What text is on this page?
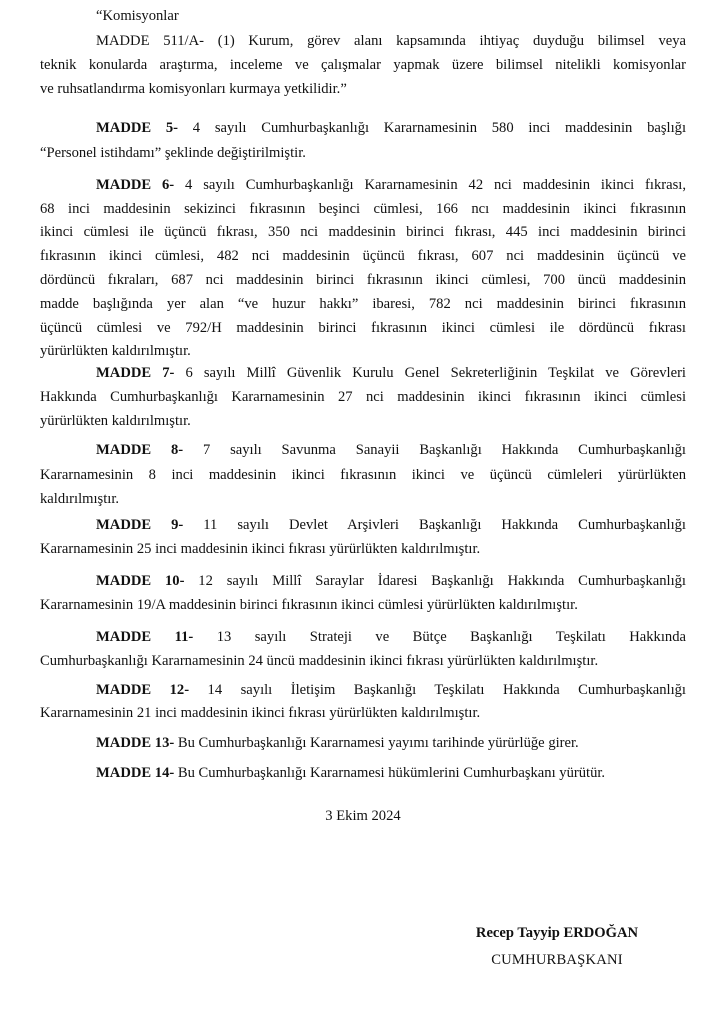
“Komisyonlar
MADDE 511/A- (1) Kurum, görev alanı kapsamında ihtiyaç duyduğu bilimsel veya
teknik konularda araştırma, inceleme ve çalışmalar yapmak üzere bilimsel nitelikli komisyonlar
ve ruhsatlandırma komisyonları kurmaya yetkilidir.”
MADDE 5- 4 sayılı Cumhurbaşkanlığı Kararnamesinin 580 inci maddesinin başlığı
“Personel istihdamı” şeklinde değiştirilmiştir.
MADDE 6- 4 sayılı Cumhurbaşkanlığı Kararnamesinin 42 nci maddesinin ikinci fıkrası,
68 inci maddesinin sekizinci fıkrasının beşinci cümlesi, 166 ncı maddesinin ikinci fıkrasının
ikinci cümlesi ile üçüncü fıkrası, 350 nci maddesinin birinci fıkrası, 445 inci maddesinin birinci
fıkrasının ikinci cümlesi, 482 nci maddesinin üçüncü fıkrası, 607 nci maddesinin üçüncü ve
dördüncü fıkraları, 687 nci maddesinin birinci fıkrasının ikinci cümlesi, 700 üncü maddesinin
madde başlığında yer alan “ve huzur hakkı” ibaresi, 782 nci maddesinin birinci fıkrasının
üçüncü cümlesi ve 792/H maddesinin birinci fıkrasının ikinci cümlesi ile dördüncü fıkrası
yürürlükten kaldırılmıştır.
MADDE 7- 6 sayılı Millî Güvenlik Kurulu Genel Sekreterliğinin Teşkilat ve Görevleri
Hakkında Cumhurbaşkanlığı Kararnamesinin 27 nci maddesinin ikinci fıkrasının ikinci cümlesi
yürürlükten kaldırılmıştır.
MADDE 8- 7 sayılı Savunma Sanayii Başkanlığı Hakkında Cumhurbaşkanlığı
Kararnamesinin 8 inci maddesinin ikinci fıkrasının ikinci ve üçüncü cümleleri yürürlükten
kaldırılmıştır.
MADDE 9- 11 sayılı Devlet Arşivleri Başkanlığı Hakkında Cumhurbaşkanlığı
Kararnamesinin 25 inci maddesinin ikinci fıkrası yürürlükten kaldırılmıştır.
MADDE 10- 12 sayılı Millî Saraylar İdaresi Başkanlığı Hakkında Cumhurbaşkanlığı
Kararnamesinin 19/A maddesinin birinci fıkrasının ikinci cümlesi yürürlükten kaldırılmıştır.
MADDE 11- 13 sayılı Strateji ve Bütçe Başkanlığı Teşkilatı Hakkında
Cumhurbaşkanlığı Kararnamesinin 24 üncü maddesinin ikinci fıkrası yürürlükten kaldırılmıştır.
MADDE 12- 14 sayılı İletişim Başkanlığı Teşkilatı Hakkında Cumhurbaşkanlığı
Kararnamesinin 21 inci maddesinin ikinci fıkrası yürürlükten kaldırılmıştır.
MADDE 13- Bu Cumhurbaşkanlığı Kararnamesi yayımı tarihinde yürürlüğe girer.
MADDE 14- Bu Cumhurbaşkanlığı Kararnamesi hükümlerini Cumhurbaşkanı yürütür.
3 Ekim 2024
Recep Tayyip ERDOĞAN
CUMHURBAŞKANI
